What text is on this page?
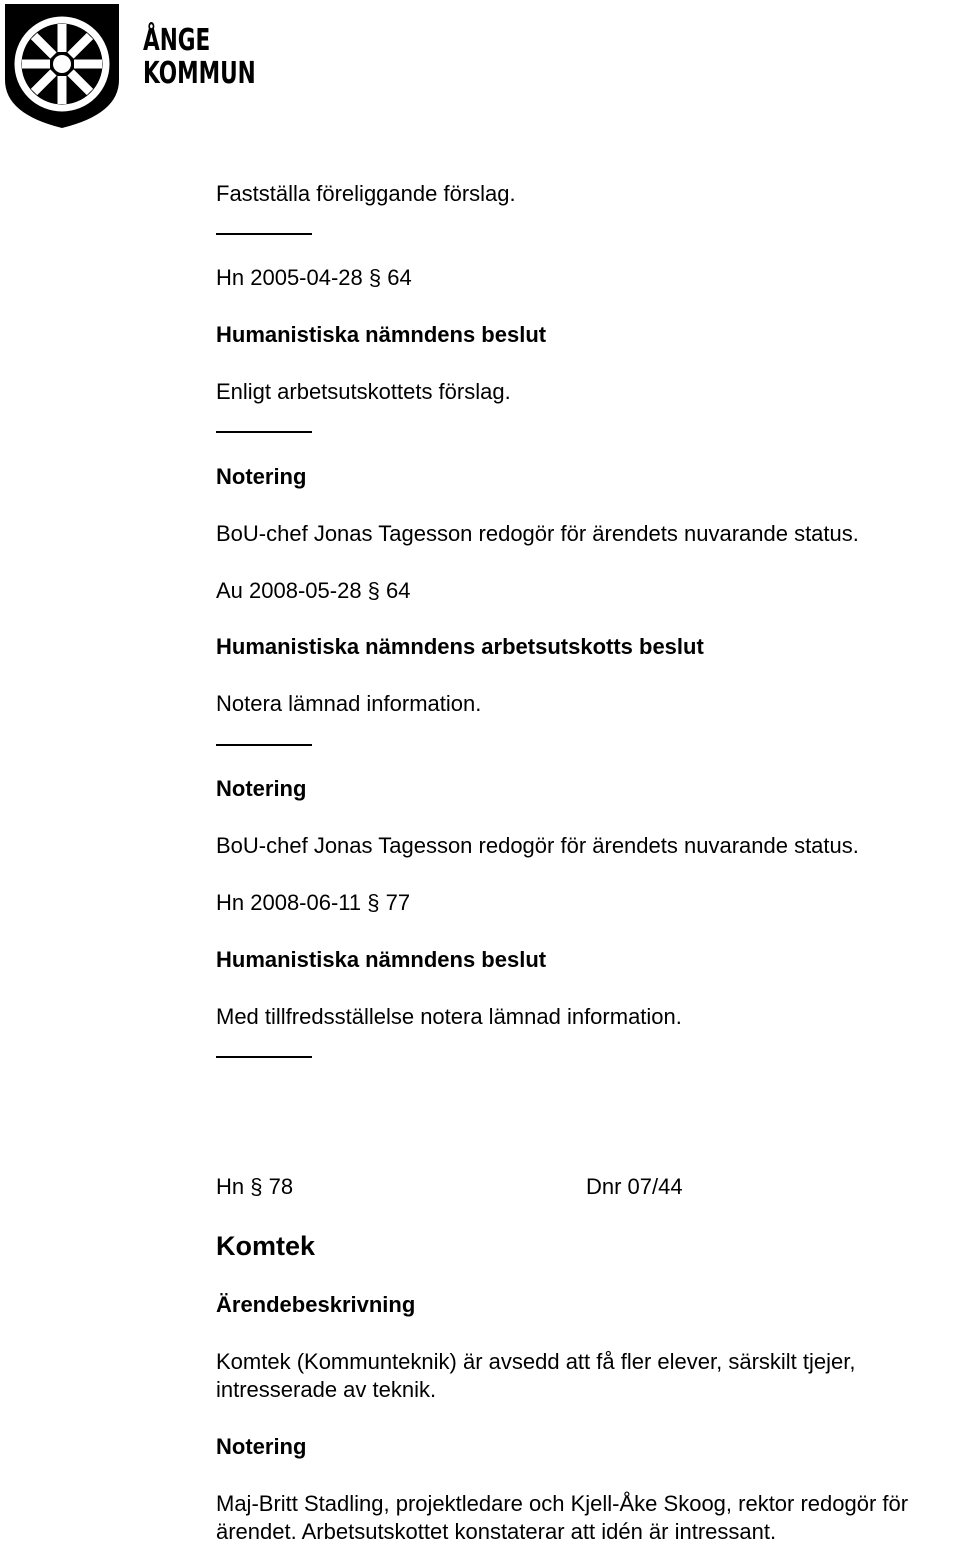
ÅNGE
KOMMUN
Fastställa föreliggande förslag.
Hn 2005-04-28 § 64
Humanistiska nämndens beslut
Enligt arbetsutskottets förslag.
Notering
BoU-chef Jonas Tagesson redogör för ärendets nuvarande status.
Au 2008-05-28 § 64
Humanistiska nämndens arbetsutskotts beslut
Notera lämnad information.
Notering
BoU-chef Jonas Tagesson redogör för ärendets nuvarande status.
Hn 2008-06-11 § 77
Humanistiska nämndens beslut
Med tillfredsställelse notera lämnad information.
Hn § 78	Dnr 07/44
Komtek
Ärendebeskrivning
Komtek (Kommunteknik) är avsedd att få fler elever, särskilt tjejer, intresserade av teknik.
Notering
Maj-Britt Stadling, projektledare och Kjell-Åke Skoog, rektor redogör för ärendet. Arbetsutskottet konstaterar att idén är intressant.
